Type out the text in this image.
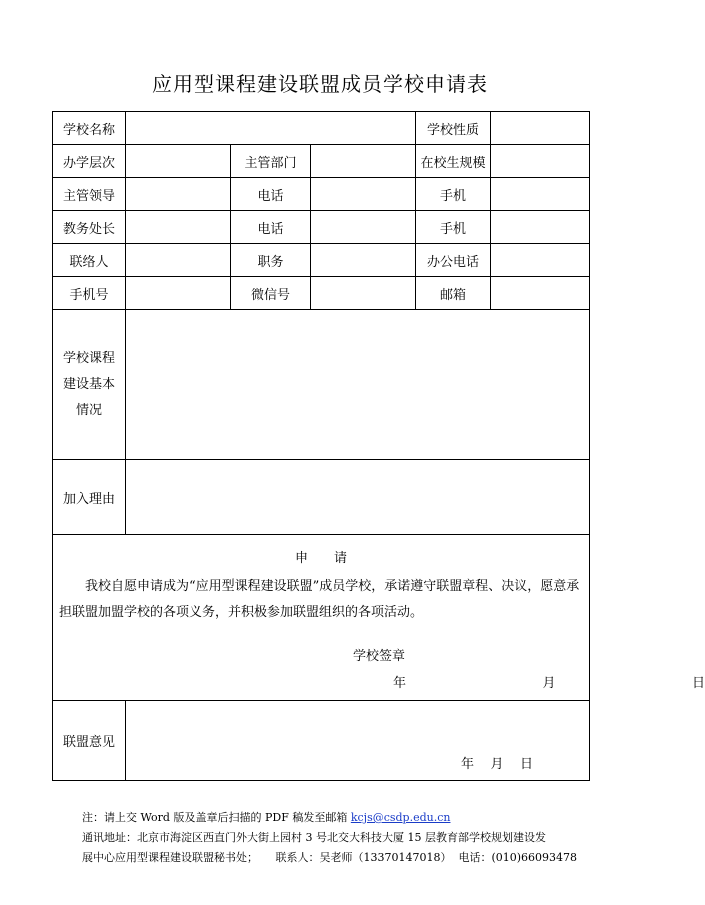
应用型课程建设联盟成员学校申请表
学校名称				学校性质	
办学层次		主管部门		在校生规模	
主管领导		电话		手机	
教务处长		电话		手机	
联络人		职务		办公电话	
手机号		微信号		邮箱	

学校课程
建设基本
情况					

加入理由					

申 请
我校自愿申请成为“应用型课程建设联盟”成员学校，承诺遵守联盟章程、决议，愿意承担联盟加盟学校的各项义务，并积极参加联盟组织的各项活动。
学校签章
年    月    日					

联盟意见	年    月    日				
注：请上交 Word 版及盖章后扫描的 PDF 稿发至邮箱 kcjs@csdp.edu.cn
通讯地址：北京市海淀区西直门外大街上园村 3 号北交大科技大厦 15 层教育部学校规划建设发
展中心应用型课程建设联盟秘书处；     联系人：吴老师（13370147018）  电话：(010)66093478
